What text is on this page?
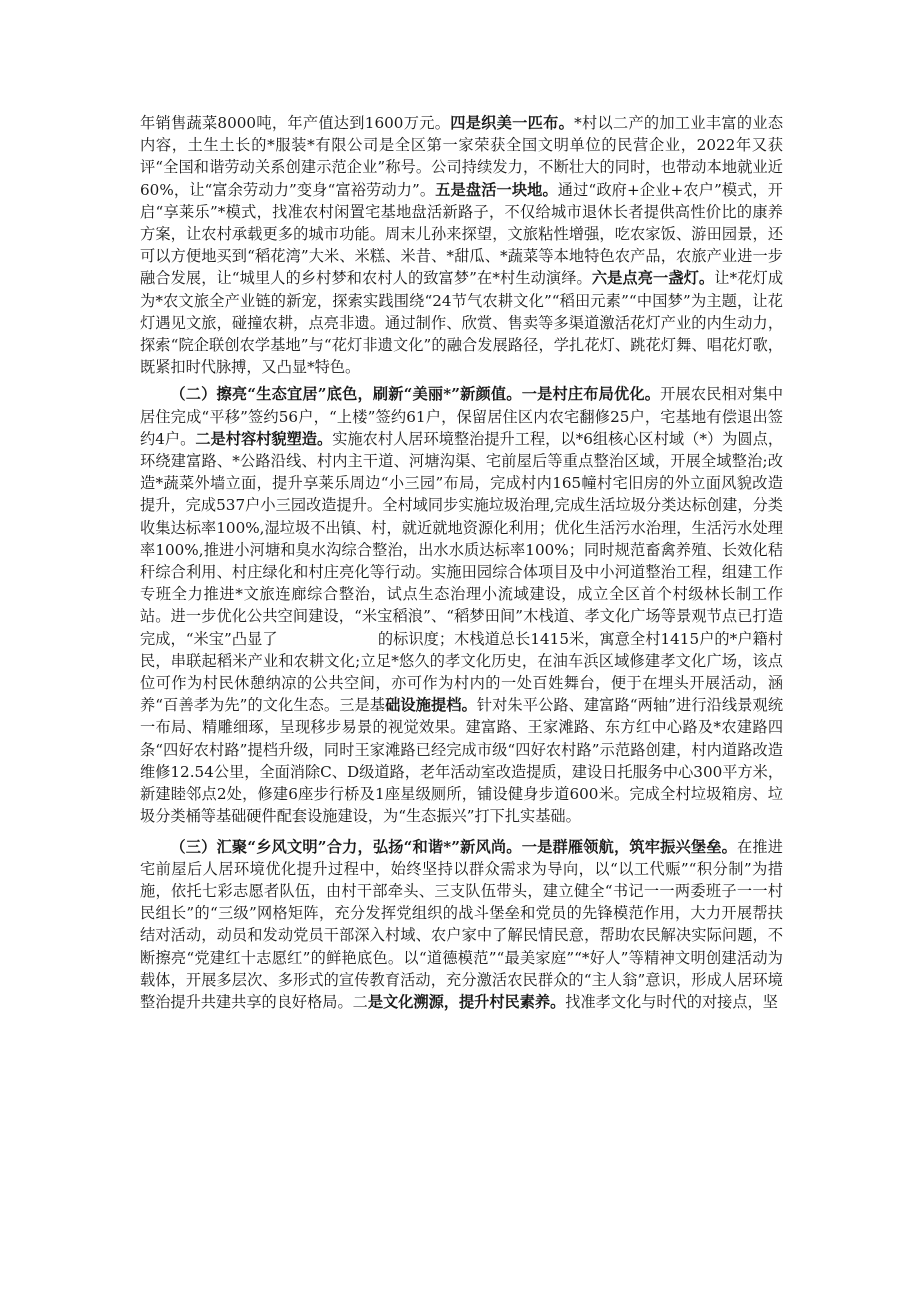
年销售蔬菜8000吨，年产值达到1600万元。四是织美一匹布。*村以二产的加工业丰富的业态内容，土生土长的*服装*有限公司是全区第一家荣获全国文明单位的民营企业，2022年又获评“全国和谐劳动关系创建示范企业”称号。公司持续发力，不断壮大的同时，也带动本地就业近60%，让“富余劳动力”变身“富裕劳动力”。五是盘活一块地。通过“政府+企业+农户”模式，开启“享莱乐”*模式，找准农村闲置宅基地盘活新路子，不仅给城市退休长者提供高性价比的康养方案，让农村承载更多的城市功能。周末儿孙来探望，文旅粘性增强，吃农家饭、游田园景，还可以方便地买到“稻花湾”大米、米糕、米昔、*甜瓜、*蔬菜等本地特色农产品，农旅产业进一步融合发展，让“城里人的乡村梦和农村人的致富梦”在*村生动演绎。六是点亮一盏灯。让*花灯成为*农文旅全产业链的新宠，探索实践围绕“24节气农耕文化”“稻田元素”“中国梦”为主题，让花灯遇见文旅，碰撞农耕，点亮非遗。通过制作、欣赏、售卖等多渠道激活花灯产业的内生动力，探索“院企联创农学基地”与“花灯非遗文化”的融合发展路径，学扎花灯、跳花灯舞、唱花灯歌，既紧扣时代脉搏，又凸显*特色。

（二）擦亮“生态宜居”底色，刷新“美丽*”新颜值。一是村庄布局优化。开展农民相对集中居住完成“平移”签约56户，“上楼”签约61户，保留居住区内农宅翻修25户，宅基地有偿退出签约4户。二是村容村貌塑造。实施农村人居环境整治提升工程，以*6组核心区村域（*）为圆点，环绕建富路、*公路沿线、村内主干道、河塘沟渠、宅前屋后等重点整治区域，开展全域整治;改造*蔬菜外墙立面，提升享莱乐周边“小三园”布局，完成村内165幢村宅旧房的外立面风貌改造提升，完成537户小三园改造提升。全村域同步实施垃圾治理,完成生活垃圾分类达标创建，分类收集达标率100%,湿垃圾不出镇、村，就近就地资源化利用；优化生活污水治理，生活污水处理率100%,推进小河塘和臭水沟综合整治，出水水质达标率100%；同时规范畜禽养殖、长效化秸秆综合利用、村庄绿化和村庄亮化等行动。实施田园综合体项目及中小河道整治工程，组建工作专班全力推进*文旅连廊综合整治，试点生态治理小流域建设，成立全区首个村级林长制工作站。进一步优化公共空间建设，“米宝稻浪”、“稻梦田间”木栈道、孝文化广场等景观节点已打造完成，“米宝”凸显了	的标识度；木栈道总长1415米，寓意全村1415户的*户籍村民，串联起稻米产业和农耕文化;立足*悠久的孝文化历史，在油车浜区域修建孝文化广场，该点位可作为村民休憩纳凉的公共空间，亦可作为村内的一处百姓舞台，便于在埋头开展活动，涵养“百善孝为先”的文化生态。三是基础设施提档。针对朱平公路、建富路“两轴”进行沿线景观统一布局、精雕细琢，呈现移步易景的视觉效果。建富路、王家滩路、东方红中心路及*农建路四条“四好农村路”提档升级，同时王家滩路已经完成市级“四好农村路”示范路创建，村内道路改造维修12.54公里，全面消除C、D级道路，老年活动室改造提质，建设日托服务中心300平方米，新建睦邻点2处，修建6座步行桥及1座星级厕所，铺设健身步道600米。完成全村垃圾箱房、垃圾分类桶等基础硬件配套设施建设，为“生态振兴”打下扎实基础。

（三）汇聚“乡风文明”合力，弘扬“和谐*”新风尚。一是群雁领航，筑牢振兴堡垒。在推进宅前屋后人居环境优化提升过程中，始终坚持以群众需求为导向，以“以工代赈”“积分制”为措施，依托七彩志愿者队伍，由村干部牵头、三支队伍带头，建立健全“书记一一两委班子一一村民组长”的“三级”网格矩阵，充分发挥党组织的战斗堡垒和党员的先锋模范作用，大力开展帮扶结对活动，动员和发动党员干部深入村域、农户家中了解民情民意，帮助农民解决实际问题，不断擦亮“党建红十志愿红”的鲜艳底色。以“道德模范”“最美家庭”“*好人”等精神文明创建活动为载体，开展多层次、多形式的宣传教育活动，充分激活农民群众的“主人翁”意识，形成人居环境整治提升共建共享的良好格局。二是文化溯源，提升村民素养。找准孝文化与时代的对接点，坚
